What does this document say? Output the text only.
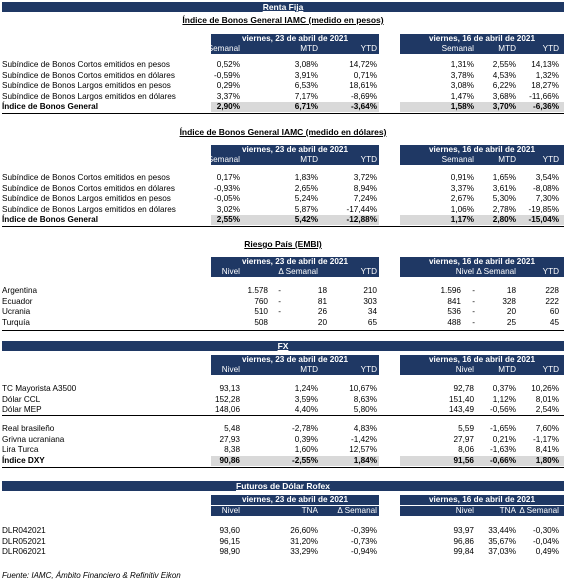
Renta Fija
Índice de Bonos General IAMC (medido en pesos)
viernes, 23 de abril de 2021	viernes, 16 de abril de 2021
Semanal	MTD	YTD	Semanal	MTD	YTD
Subíndice de Bonos Cortos emitidos en pesos	0,52%	3,08%	14,72%	1,31% 2,55% 14,13%
Subíndice de Bonos Cortos emitidos en dólares	-0,59%	3,91%	0,71%	3,78% 4,53% 1,32%
Subíndice de Bonos Largos emitidos en pesos	0,29%	6,53%	18,61%	3,08% 6,22% 18,27%
Subíndice de Bonos Largos emitidos en dólares	3,37%	7,17%	-8,69%	1,47% 3,68% -11,66%
Índice de Bonos General	2,90%	6,71%	-3,64%	1,58% 3,70% -6,36%
Índice de Bonos General IAMC (medido en dólares)
viernes, 23 de abril de 2021	viernes, 16 de abril de 2021
Semanal	MTD	YTD	Semanal	MTD	YTD
Subíndice de Bonos Cortos emitidos en pesos	0,17%	1,83%	3,72%	0,91% 1,65% 3,54%
Subíndice de Bonos Cortos emitidos en dólares	-0,93%	2,65%	8,94%	3,37% 3,61% -8,08%
Subíndice de Bonos Largos emitidos en pesos	-0,05%	5,24%	7,24%	2,67% 5,30% 7,30%
Subíndice de Bonos Largos emitidos en dólares	3,02%	5,87%	-17,44%	1,06% 2,78% -19,85%
Índice de Bonos General	2,55%	5,42%	-12,88%	1,17% 2,80% -15,04%
Riesgo País (EMBI)
viernes, 23 de abril de 2021	viernes, 16 de abril de 2021
Nivel	Δ Semanal	YTD	Nivel Δ Semanal	YTD
Argentina	1.578 -	18	210	1.596 -	18	228
Ecuador	760 -	81	303	841 -	328	222
Ucrania	510 -	26	34	536 -	20	60
Turquía	508	20	65	488 -	25	45
FX
viernes, 23 de abril de 2021	viernes, 16 de abril de 2021
Nivel	MTD	YTD	Nivel	MTD	YTD
TC Mayorista A3500	93,13	1,24%	10,67%	92,78 0,37% 10,26%
Dólar CCL	152,28	3,59%	8,63%	151,40 1,12% 8,01%
Dólar MEP	148,06	4,40%	5,80%	143,49 -0,56% 2,54%
Real brasileño	5,48	-2,78%	4,83%	5,59 -1,65% 7,60%
Grivna ucraniana	27,93	0,39%	-1,42%	27,97 0,21% -1,17%
Lira Turca	8,38	1,60%	12,57%	8,06 -1,63% 8,41%
Índice DXY	90,86	-2,55%	1,84%	91,56 -0,66% 1,80%
Futuros de Dólar Rofex
viernes, 23 de abril de 2021	viernes, 16 de abril de 2021
Nivel	TNA Δ Semanal	Nivel	TNA Δ Semanal
DLR042021	93,60	26,60%	-0,39%	93,97 33,44% -0,30%
DLR052021	96,15	31,20%	-0,73%	96,86 35,67% -0,04%
DLR062021	98,90	33,29%	-0,94%	99,84 37,03% 0,49%
Fuente: IAMC, Ámbito Financiero & Refinitiv Eikon
